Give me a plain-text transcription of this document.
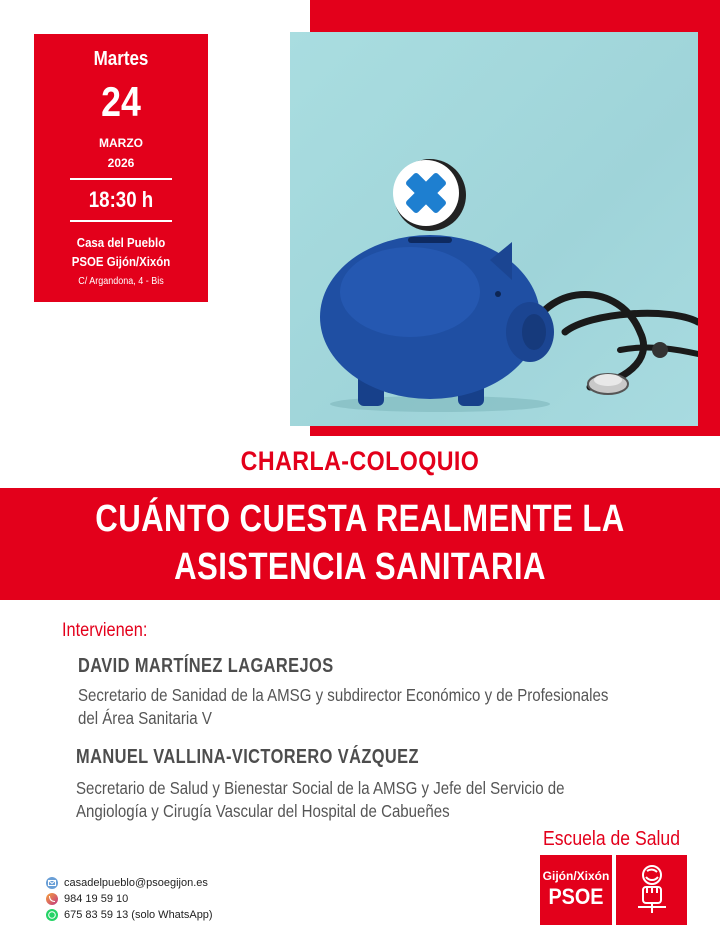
Martes
24
MARZO
2026
18:30 h
Casa del Pueblo
PSOE Gijón/Xixón
C/ Argandona, 4 - Bis
CHARLA-COLOQUIO
CUÁNTO CUESTA REALMENTE LA
ASISTENCIA SANITARIA
Intervienen:
DAVID MARTÍNEZ LAGAREJOS
Secretario de Sanidad de la AMSG y subdirector Económico y de Profesionales
del Área Sanitaria V
MANUEL VALLINA-VICTORERO VÁZQUEZ
Secretario de Salud y Bienestar Social de la AMSG y Jefe del Servicio de
Angiología y Cirugía Vascular del Hospital de Cabueñes
casadelpueblo@psoegijon.es
984 19 59 10
675 83 59 13 (solo WhatsApp)
Escuela de Salud
Gijón/Xixón
PSOE
